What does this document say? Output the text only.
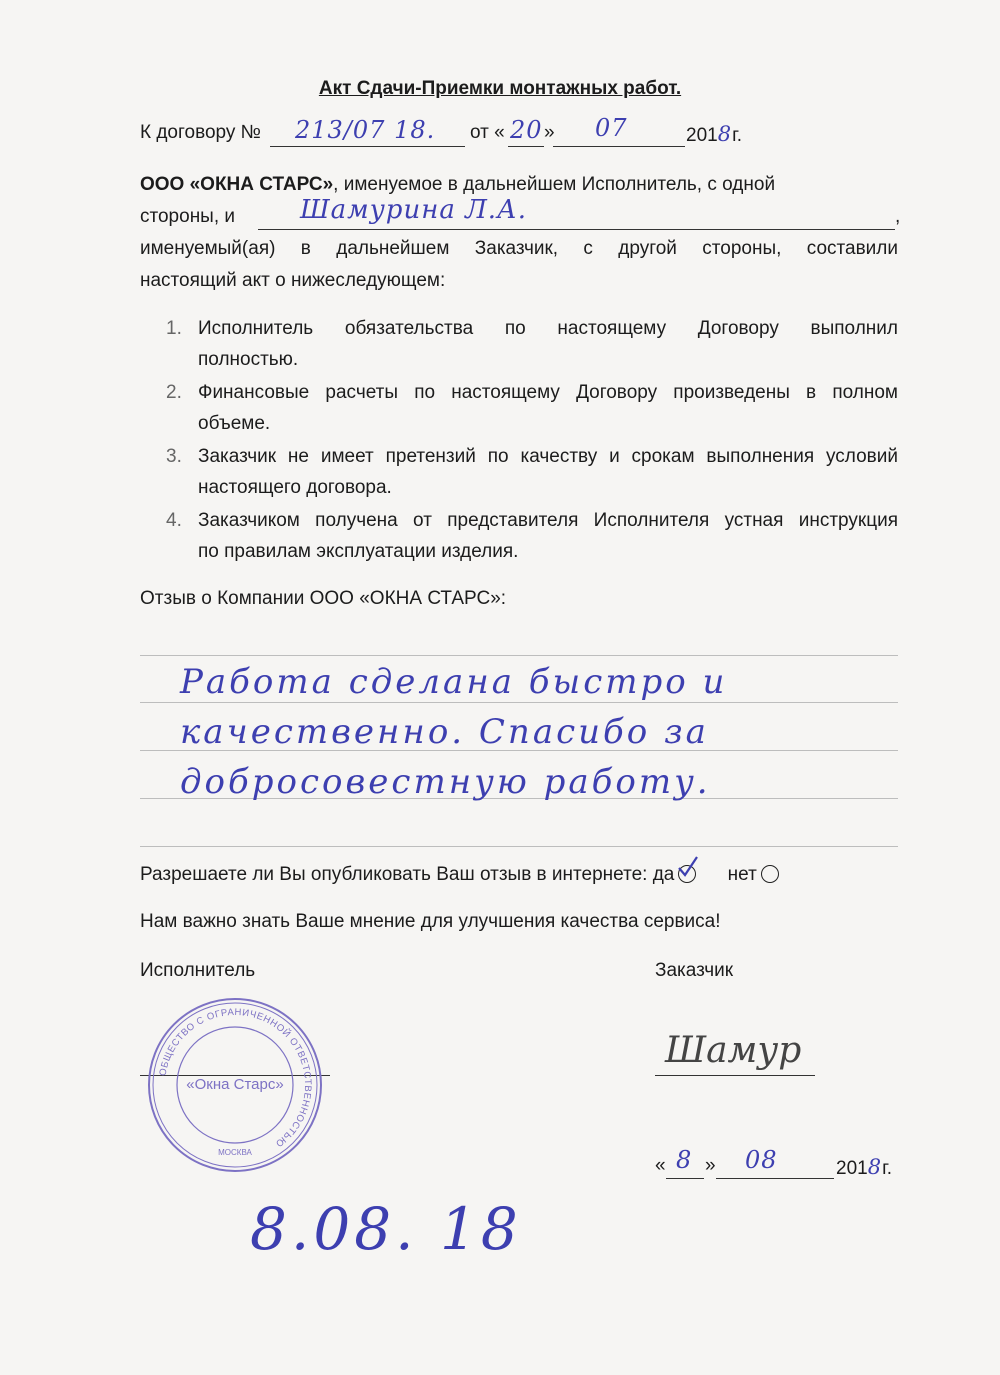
Акт Сдачи-Приемки монтажных работ.
К договору № 213/07 18. от « 20 » 07	2018г.
ООО «ОКНА СТАРС», именуемое в дальнейшем Исполнитель, с одной
стороны, и Шамурина Л.А.	,
именуемый(ая) в дальнейшем Заказчик, с другой стороны, составили
настоящий акт о нижеследующем:
1. Исполнитель обязательства по настоящему Договору выполнил
полностью.
2. Финансовые расчеты по настоящему Договору произведены в полном
объеме.
3. Заказчик не имеет претензий по качеству и срокам выполнения условий
настоящего договора.
4. Заказчиком получена от представителя Исполнителя устная инструкция
по правилам эксплуатации изделия.
Отзыв о Компании ООО «ОКНА СТАРС»:
Работа сделана быстро и
качественно. Спасибо за
добросовестную работу.
Разрешаете ли Вы опубликовать Ваш отзыв в интернете: да	нет
Нам важно знать Ваше мнение для улучшения качества сервиса!
Исполнитель	Заказчик
ОБЩЕСТВО С ОГРАНИЧЕННОЙ ОТВЕТСТВЕННОСТЬЮ
«Окна Старс»
МОСКВА
Шамур
« 8 » 08	2018г.
8.08. 18
